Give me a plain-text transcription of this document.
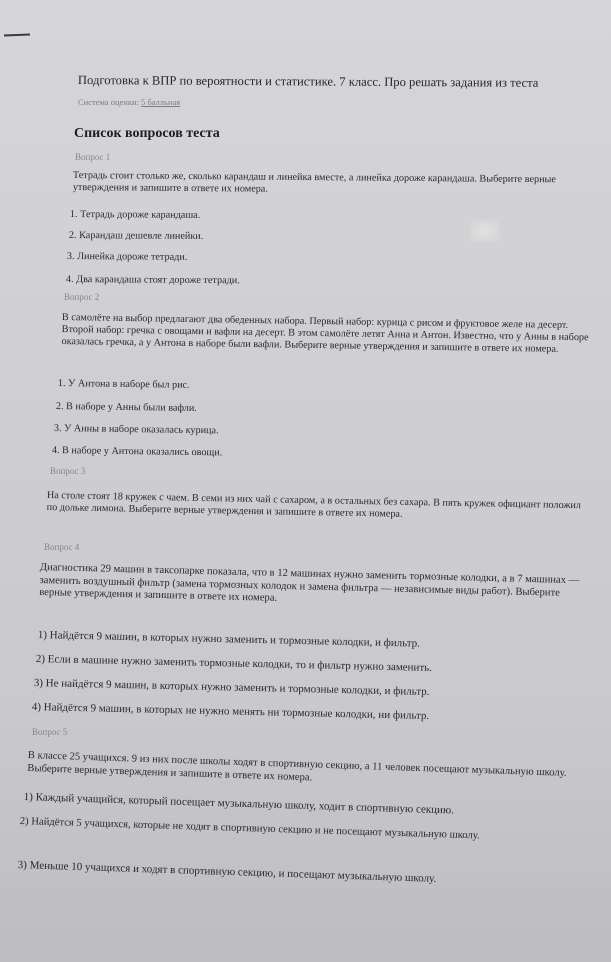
Подготовка к ВПР по вероятности и статистике. 7 класс. Про решать задания из теста
Система оценки: 5 балльная
Список вопросов теста
Вопрос 1
Тетрадь стоит столько же, сколько карандаш и линейка вместе, а линейка дороже карандаша. Выберите верные утверждения и запишите в ответе их номера.
1. Тетрадь дороже карандаша.
2. Карандаш дешевле линейки.
3. Линейка дороже тетради.
4. Два карандаша стоят дороже тетради.
Вопрос 2
В самолёте на выбор предлагают два обеденных набора. Первый набор: курица с рисом и фруктовое желе на десерт. Второй набор: гречка с овощами и вафли на десерт. В этом самолёте летят Анна и Антон. Известно, что у Анны в наборе оказалась гречка, а у Антона в наборе были вафли. Выберите верные утверждения и запишите в ответе их номера.
1. У Антона в наборе был рис.
2. В наборе у Анны были вафли.
3. У Анны в наборе оказалась курица.
4. В наборе у Антона оказались овощи.
Вопрос 3
На столе стоят 18 кружек с чаем. В семи из них чай с сахаром, а в остальных без сахара. В пять кружек официант положил по дольке лимона. Выберите верные утверждения и запишите в ответе их номера.
Вопрос 4
Диагностика 29 машин в таксопарке показала, что в 12 машинах нужно заменить тормозные колодки, а в 7 машинах — заменить воздушный фильтр (замена тормозных колодок и замена фильтра — независимые виды работ). Выберите верные утверждения и запишите в ответе их номера.
1) Найдётся 9 машин, в которых нужно заменить и тормозные колодки, и фильтр.
2) Если в машине нужно заменить тормозные колодки, то и фильтр нужно заменить.
3) Не найдётся 9 машин, в которых нужно заменить и тормозные колодки, и фильтр.
4) Найдётся 9 машин, в которых не нужно менять ни тормозные колодки, ни фильтр.
Вопрос 5
В классе 25 учащихся. 9 из них после школы ходят в спортивную секцию, а 11 человек посещают музыкальную школу. Выберите верные утверждения и запишите в ответе их номера.
1) Каждый учащийся, который посещает музыкальную школу, ходит в спортивную секцию.
2) Найдётся 5 учащихся, которые не ходят в спортивную секцию и не посещают музыкальную школу.
3) Меньше 10 учащихся и ходят в спортивную секцию, и посещают музыкальную школу.
